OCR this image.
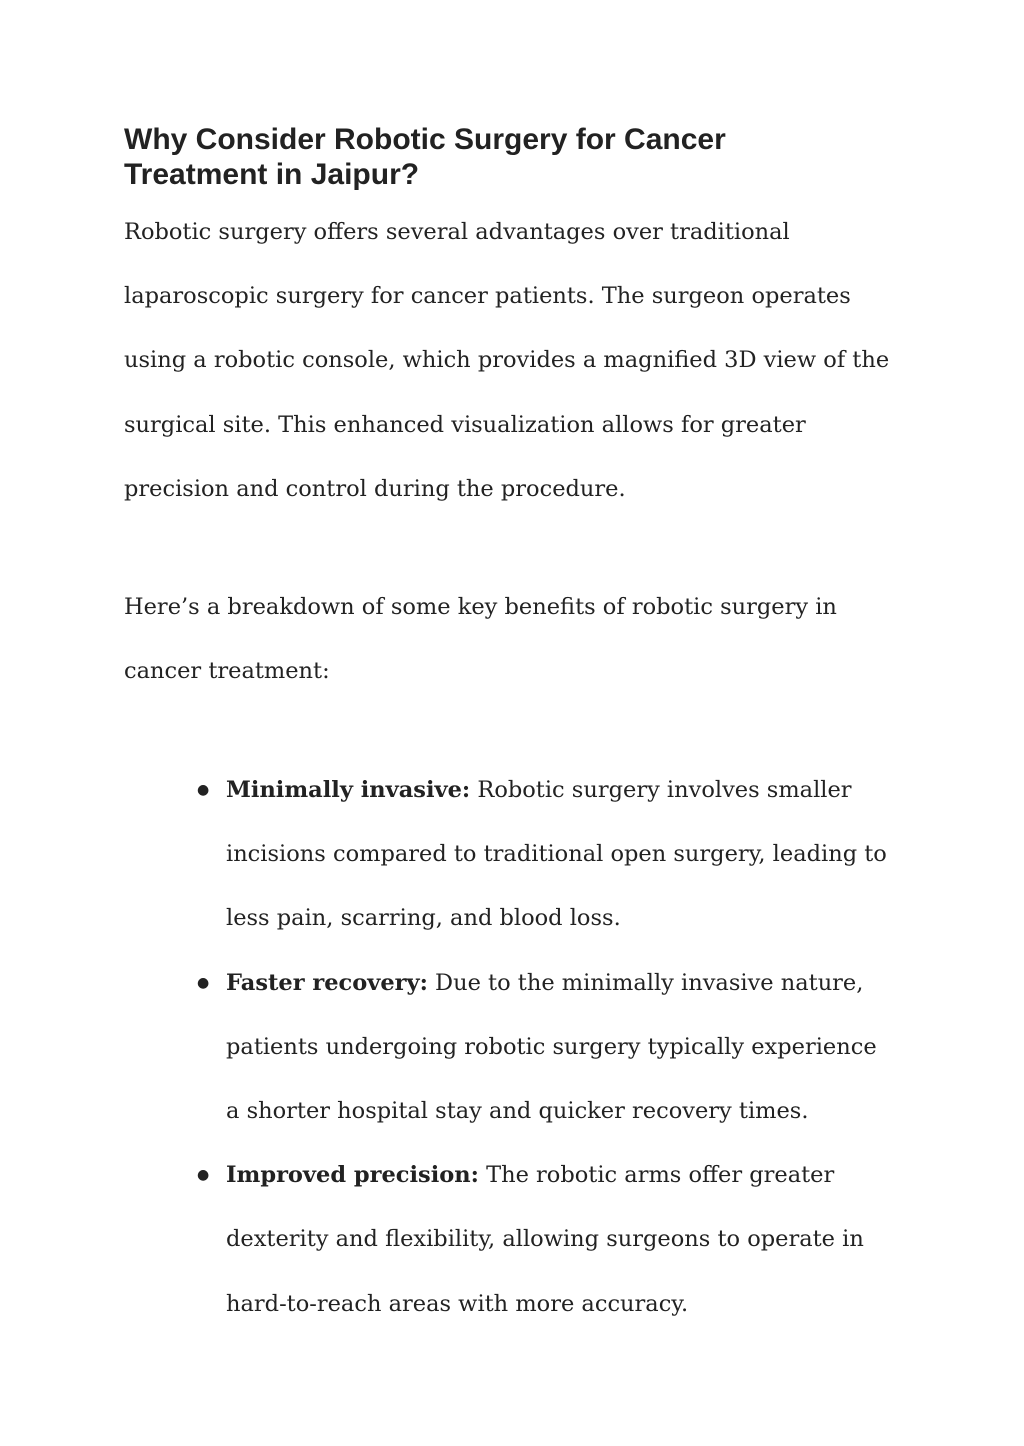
Why Consider Robotic Surgery for Cancer Treatment in Jaipur?

Robotic surgery offers several advantages over traditional laparoscopic surgery for cancer patients. The surgeon operates using a robotic console, which provides a magnified 3D view of the surgical site. This enhanced visualization allows for greater precision and control during the procedure.

Here’s a breakdown of some key benefits of robotic surgery in cancer treatment:

● Minimally invasive: Robotic surgery involves smaller incisions compared to traditional open surgery, leading to less pain, scarring, and blood loss.
● Faster recovery: Due to the minimally invasive nature, patients undergoing robotic surgery typically experience a shorter hospital stay and quicker recovery times.
● Improved precision: The robotic arms offer greater dexterity and flexibility, allowing surgeons to operate in hard-to-reach areas with more accuracy.
